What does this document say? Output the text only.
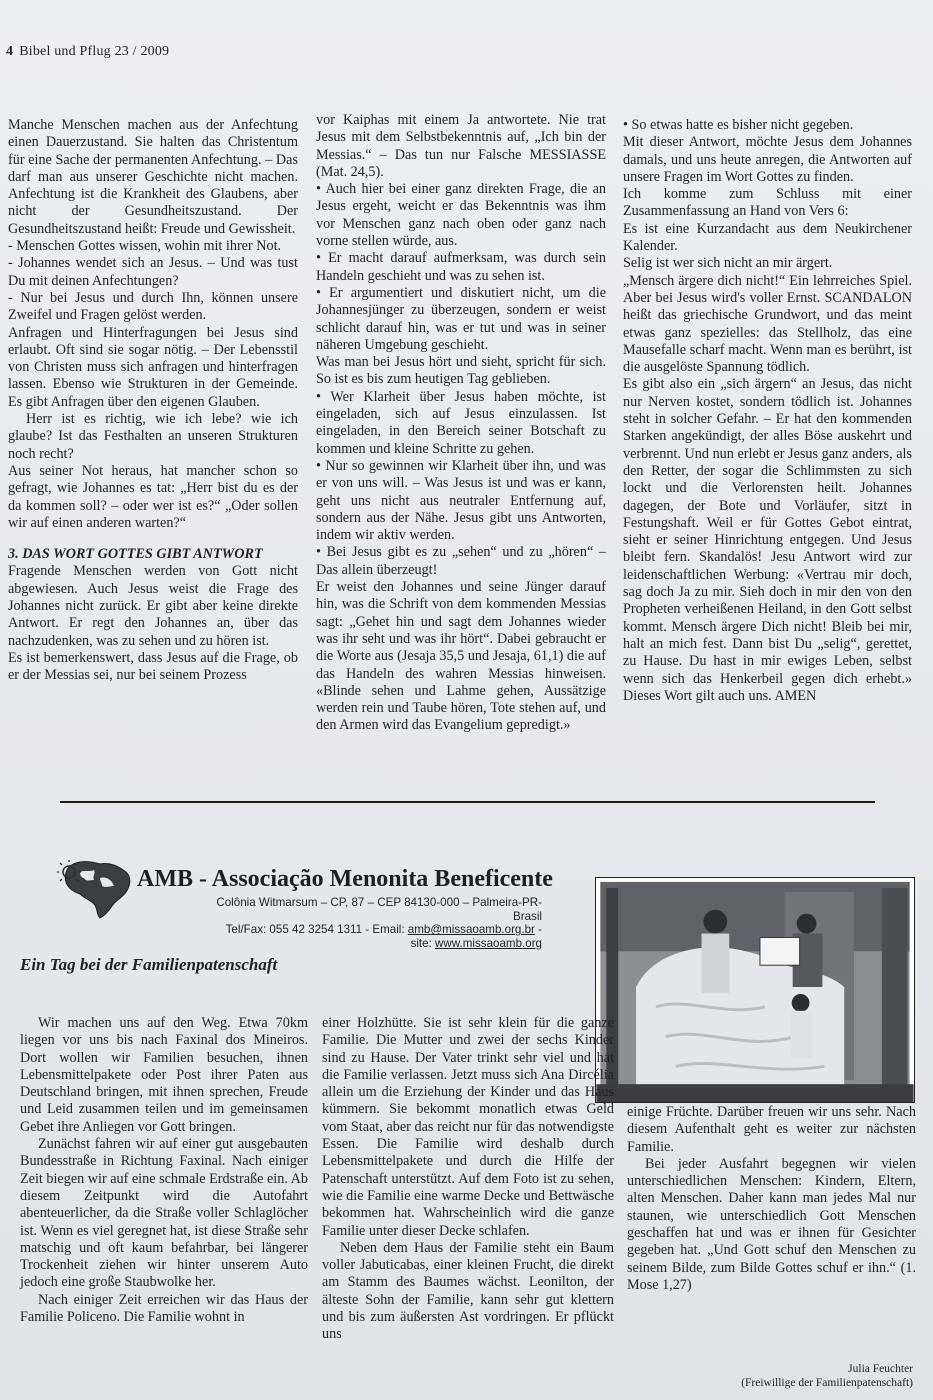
4 Bibel und Pflug 23 / 2009

Manche Menschen machen aus der Anfechtung einen Dauerzustand. Sie halten das Christentum für eine Sache der permanenten Anfechtung. – Das darf man aus unserer Geschichte nicht machen. Anfechtung ist die Krankheit des Glaubens, aber nicht der Gesundheitszustand. Der Gesundheitszustand heißt: Freude und Gewissheit.

- Menschen Gottes wissen, wohin mit ihrer Not.

- Johannes wendet sich an Jesus. – Und was tust Du mit deinen Anfechtungen?

- Nur bei Jesus und durch Ihn, können unsere Zweifel und Fragen gelöst werden.

Anfragen und Hinterfragungen bei Jesus sind erlaubt. Oft sind sie sogar nötig. – Der Lebensstil von Christen muss sich anfragen und hinterfragen lassen. Ebenso wie Strukturen in der Gemeinde. Es gibt Anfragen über den eigenen Glauben.

Herr ist es richtig, wie ich lebe? wie ich glaube? Ist das Festhalten an unseren Strukturen noch recht?

Aus seiner Not heraus, hat mancher schon so gefragt, wie Johannes es tat: „Herr bist du es der da kommen soll? – oder wer ist es?“ „Oder sollen wir auf einen anderen warten?“

3. DAS WORT GOTTES GIBT ANTWORT

Fragende Menschen werden von Gott nicht abgewiesen. Auch Jesus weist die Frage des Johannes nicht zurück. Er gibt aber keine direkte Antwort. Er regt den Johannes an, über das nachzudenken, was zu sehen und zu hören ist.

Es ist bemerkenswert, dass Jesus auf die Frage, ob er der Messias sei, nur bei seinem Prozess

vor Kaiphas mit einem Ja antwortete. Nie trat Jesus mit dem Selbstbekenntnis auf, „Ich bin der Messias.“ – Das tun nur Falsche MESSIASSE (Mat. 24,5).

• Auch hier bei einer ganz direkten Frage, die an Jesus ergeht, weicht er das Bekenntnis was ihm vor Menschen ganz nach oben oder ganz nach vorne stellen würde, aus.

• Er macht darauf aufmerksam, was durch sein Handeln geschieht und was zu sehen ist.

• Er argumentiert und diskutiert nicht, um die Johannesjünger zu überzeugen, sondern er weist schlicht darauf hin, was er tut und was in seiner näheren Umgebung geschieht.

Was man bei Jesus hört und sieht, spricht für sich. So ist es bis zum heutigen Tag geblieben.

• Wer Klarheit über Jesus haben möchte, ist eingeladen, sich auf Jesus einzulassen. Ist eingeladen, in den Bereich seiner Botschaft zu kommen und kleine Schritte zu gehen.

• Nur so gewinnen wir Klarheit über ihn, und was er von uns will. – Was Jesus ist und was er kann, geht uns nicht aus neutraler Entfernung auf, sondern aus der Nähe. Jesus gibt uns Antworten, indem wir aktiv werden.

• Bei Jesus gibt es zu „sehen“ und zu „hören“ – Das allein überzeugt!

Er weist den Johannes und seine Jünger darauf hin, was die Schrift von dem kommenden Messias sagt: „Gehet hin und sagt dem Johannes wieder was ihr seht und was ihr hört“. Dabei gebraucht er die Worte aus (Jesaja 35,5 und Jesaja, 61,1) die auf das Handeln des wahren Messias hinweisen. «Blinde sehen und Lahme gehen, Aussätzige werden rein und Taube hören, Tote stehen auf, und den Armen wird das Evangelium gepredigt.»

• So etwas hatte es bisher nicht gegeben.

Mit dieser Antwort, möchte Jesus dem Johannes damals, und uns heute anregen, die Antworten auf unsere Fragen im Wort Gottes zu finden.

Ich komme zum Schluss mit einer Zusammenfassung an Hand von Vers 6:

Es ist eine Kurzandacht aus dem Neukirchener Kalender.

Selig ist wer sich nicht an mir ärgert.

„Mensch ärgere dich nicht!“ Ein lehrreiches Spiel. Aber bei Jesus wird's voller Ernst. SCANDALON heißt das griechische Grundwort, und das meint etwas ganz spezielles: das Stellholz, das eine Mausefalle scharf macht. Wenn man es berührt, ist die ausgelöste Spannung tödlich.

Es gibt also ein „sich ärgern“ an Jesus, das nicht nur Nerven kostet, sondern tödlich ist. Johannes steht in solcher Gefahr. – Er hat den kommenden Starken angekündigt, der alles Böse auskehrt und verbrennt. Und nun erlebt er Jesus ganz anders, als den Retter, der sogar die Schlimmsten zu sich lockt und die Verlorensten heilt. Johannes dagegen, der Bote und Vorläufer, sitzt in Festungshaft. Weil er für Gottes Gebot eintrat, sieht er seiner Hinrichtung entgegen. Und Jesus bleibt fern. Skandalös! Jesu Antwort wird zur leidenschaftlichen Werbung: «Vertrau mir doch, sag doch Ja zu mir. Sieh doch in mir den von den Propheten verheißenen Heiland, in den Gott selbst kommt. Mensch ärgere Dich nicht! Bleib bei mir, halt an mich fest. Dann bist Du „selig“, gerettet, zu Hause. Du hast in mir ewiges Leben, selbst wenn sich das Henkerbeil gegen dich erhebt.» Dieses Wort gilt auch uns. AMEN

AMB - Associação Menonita Beneficente

Colônia Witmarsum – CP, 87 – CEP 84130-000 – Palmeira-PR-Brasil

Tel/Fax: 055 42 3254 1311 - Email: amb@missaoamb.org.br -

site: www.missaoamb.org

Ein Tag bei der Familienpatenschaft

Wir machen uns auf den Weg. Etwa 70km liegen vor uns bis nach Faxinal dos Mineiros. Dort wollen wir Familien besuchen, ihnen Lebensmittelpakete oder Post ihrer Paten aus Deutschland bringen, mit ihnen sprechen, Freude und Leid zusammen teilen und im gemeinsamen Gebet ihre Anliegen vor Gott bringen.

Zunächst fahren wir auf einer gut ausgebauten Bundesstraße in Richtung Faxinal. Nach einiger Zeit biegen wir auf eine schmale Erdstraße ein. Ab diesem Zeitpunkt wird die Autofahrt abenteuerlicher, da die Straße voller Schlaglöcher ist. Wenn es viel geregnet hat, ist diese Straße sehr matschig und oft kaum befahrbar, bei längerer Trockenheit ziehen wir hinter unserem Auto jedoch eine große Staubwolke her.

Nach einiger Zeit erreichen wir das Haus der Familie Policeno. Die Familie wohnt in

einer Holzhütte. Sie ist sehr klein für die ganze Familie. Die Mutter und zwei der sechs Kinder sind zu Hause. Der Vater trinkt sehr viel und hat die Familie verlassen. Jetzt muss sich Ana Dircélia allein um die Erziehung der Kinder und das Haus kümmern. Sie bekommt monatlich etwas Geld vom Staat, aber das reicht nur für das notwendigste Essen. Die Familie wird deshalb durch Lebensmittelpakete und durch die Hilfe der Patenschaft unterstützt. Auf dem Foto ist zu sehen, wie die Familie eine warme Decke und Bettwäsche bekommen hat. Wahrscheinlich wird die ganze Familie unter dieser Decke schlafen.

Neben dem Haus der Familie steht ein Baum voller Jabuticabas, einer kleinen Frucht, die direkt am Stamm des Baumes wächst. Leonilton, der älteste Sohn der Familie, kann sehr gut klettern und bis zum äußersten Ast vordringen. Er pflückt uns

einige Früchte. Darüber freuen wir uns sehr. Nach diesem Aufenthalt geht es weiter zur nächsten Familie.

Bei jeder Ausfahrt begegnen wir vielen unterschiedlichen Menschen: Kindern, Eltern, alten Menschen. Daher kann man jedes Mal nur staunen, wie unterschiedlich Gott Menschen geschaffen hat und was er ihnen für Gesichter gegeben hat. „Und Gott schuf den Menschen zu seinem Bilde, zum Bilde Gottes schuf er ihn.“ (1. Mose 1,27)

Julia Feuchter

(Freiwillige der Familienpatenschaft)
